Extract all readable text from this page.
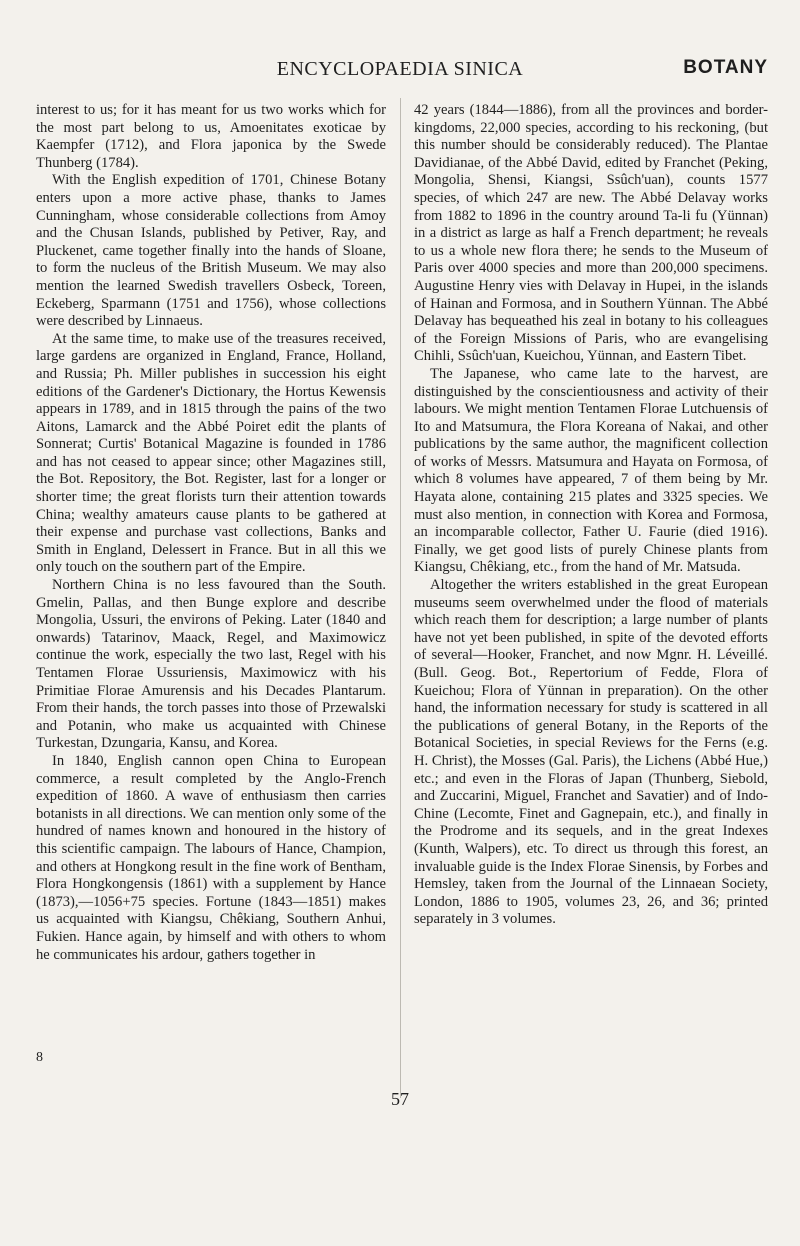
ENCYCLOPAEDIA SINICA	BOTANY

interest to us; for it has meant for us two works which for the most part belong to us, Amoenitates exoticae by Kaempfer (1712), and Flora japonica by the Swede Thunberg (1784).

With the English expedition of 1701, Chinese Botany enters upon a more active phase, thanks to James Cunningham, whose considerable collections from Amoy and the Chusan Islands, published by Petiver, Ray, and Pluckenet, came together finally into the hands of Sloane, to form the nucleus of the British Museum. We may also mention the learned Swedish travellers Osbeck, Toreen, Eckeberg, Sparmann (1751 and 1756), whose collections were described by Linnaeus.

At the same time, to make use of the treasures received, large gardens are organized in England, France, Holland, and Russia; Ph. Miller publishes in succession his eight editions of the Gardener's Dictionary, the Hortus Kewensis appears in 1789, and in 1815 through the pains of the two Aitons, Lamarck and the Abbé Poiret edit the plants of Sonnerat; Curtis' Botanical Magazine is founded in 1786 and has not ceased to appear since; other Magazines still, the Bot. Repository, the Bot. Register, last for a longer or shorter time; the great florists turn their attention towards China; wealthy amateurs cause plants to be gathered at their expense and purchase vast collections, Banks and Smith in England, Delessert in France. But in all this we only touch on the southern part of the Empire.

Northern China is no less favoured than the South. Gmelin, Pallas, and then Bunge explore and describe Mongolia, Ussuri, the environs of Peking. Later (1840 and onwards) Tatarinov, Maack, Regel, and Maximowicz continue the work, especially the two last, Regel with his Tentamen Florae Ussuriensis, Maximowicz with his Primitiae Florae Amurensis and his Decades Plantarum. From their hands, the torch passes into those of Przewalski and Potanin, who make us acquainted with Chinese Turkestan, Dzungaria, Kansu, and Korea.

In 1840, English cannon open China to European commerce, a result completed by the Anglo-French expedition of 1860. A wave of enthusiasm then carries botanists in all directions. We can mention only some of the hundred of names known and honoured in the history of this scientific campaign. The labours of Hance, Champion, and others at Hongkong result in the fine work of Bentham, Flora Hongkongensis (1861) with a supplement by Hance (1873),—1056+75 species. Fortune (1843—1851) makes us acquainted with Kiangsu, Chêkiang, Southern Anhui, Fukien. Hance again, by himself and with others to whom he communicates his ardour, gathers together in

42 years (1844—1886), from all the provinces and border-kingdoms, 22,000 species, according to his reckoning, (but this number should be considerably reduced). The Plantae Davidianae, of the Abbé David, edited by Franchet (Peking, Mongolia, Shensi, Kiangsi, Ssûch'uan), counts 1577 species, of which 247 are new. The Abbé Delavay works from 1882 to 1896 in the country around Ta-li fu (Yünnan) in a district as large as half a French department; he reveals to us a whole new flora there; he sends to the Museum of Paris over 4000 species and more than 200,000 specimens. Augustine Henry vies with Delavay in Hupei, in the islands of Hainan and Formosa, and in Southern Yünnan. The Abbé Delavay has bequeathed his zeal in botany to his colleagues of the Foreign Missions of Paris, who are evangelising Chihli, Ssûch'uan, Kueichou, Yünnan, and Eastern Tibet.

The Japanese, who came late to the harvest, are distinguished by the conscientiousness and activity of their labours. We might mention Tentamen Florae Lutchuensis of Ito and Matsumura, the Flora Koreana of Nakai, and other publications by the same author, the magnificent collection of works of Messrs. Matsumura and Hayata on Formosa, of which 8 volumes have appeared, 7 of them being by Mr. Hayata alone, containing 215 plates and 3325 species. We must also mention, in connection with Korea and Formosa, an incomparable collector, Father U. Faurie (died 1916). Finally, we get good lists of purely Chinese plants from Kiangsu, Chêkiang, etc., from the hand of Mr. Matsuda.

Altogether the writers established in the great European museums seem overwhelmed under the flood of materials which reach them for description; a large number of plants have not yet been published, in spite of the devoted efforts of several—Hooker, Franchet, and now Mgnr. H. Léveillé. (Bull. Geog. Bot., Repertorium of Fedde, Flora of Kueichou; Flora of Yünnan in preparation). On the other hand, the information necessary for study is scattered in all the publications of general Botany, in the Reports of the Botanical Societies, in special Reviews for the Ferns (e.g. H. Christ), the Mosses (Gal. Paris), the Lichens (Abbé Hue,) etc.; and even in the Floras of Japan (Thunberg, Siebold, and Zuccarini, Miguel, Franchet and Savatier) and of Indo-Chine (Lecomte, Finet and Gagnepain, etc.), and finally in the Prodrome and its sequels, and in the great Indexes (Kunth, Walpers), etc. To direct us through this forest, an invaluable guide is the Index Florae Sinensis, by Forbes and Hemsley, taken from the Journal of the Linnaean Society, London, 1886 to 1905, volumes 23, 26, and 36; printed separately in 3 volumes.

8
57
